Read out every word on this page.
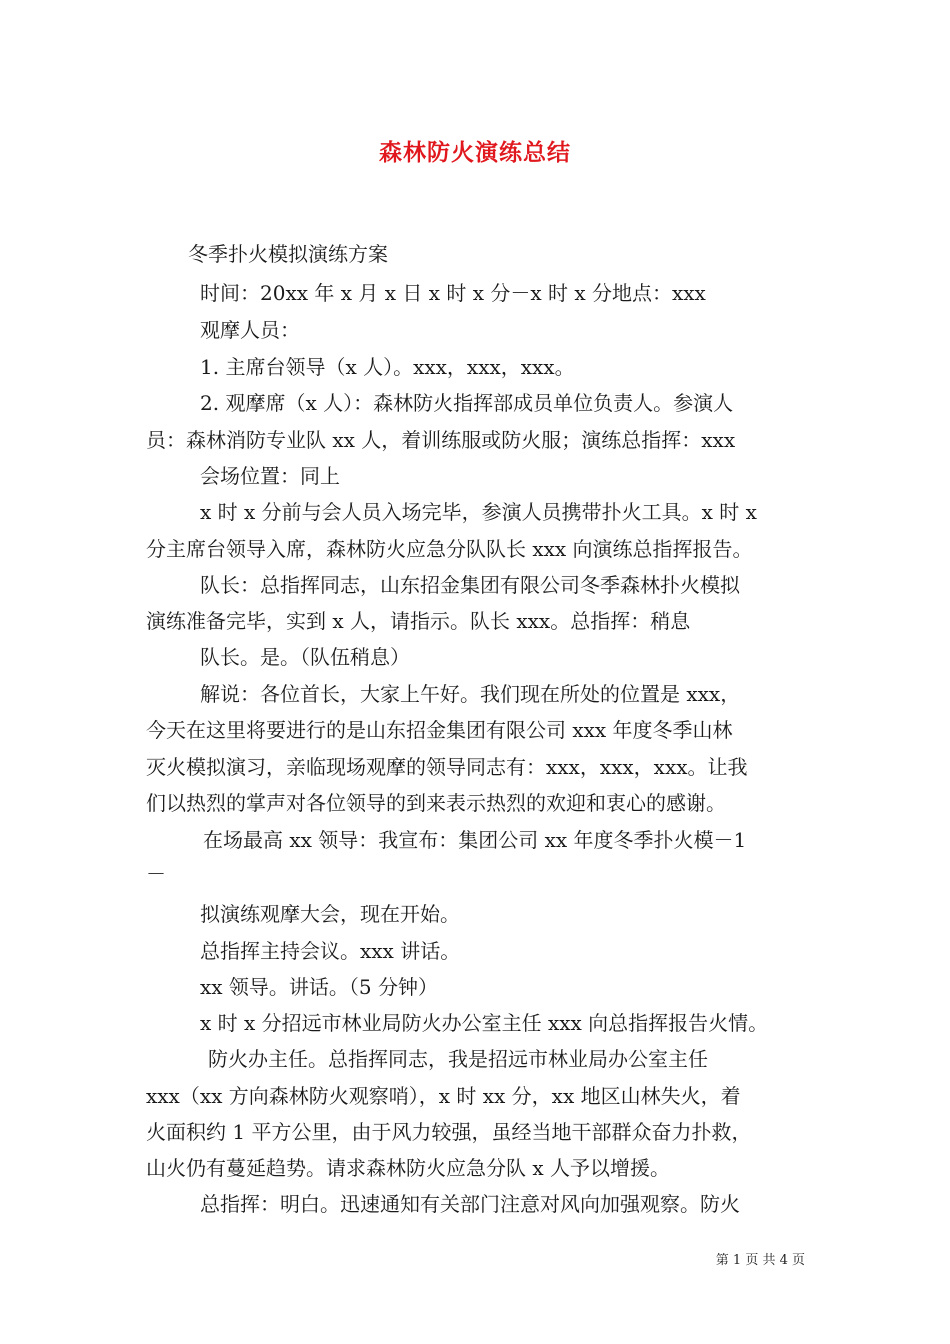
森林防火演练总结
冬季扑火模拟演练方案
时间：20xx 年 x 月 x 日 x 时 x 分－x 时 x 分地点：xxx
观摩人员：
1. 主席台领导（x 人）。xxx，xxx，xxx。
2. 观摩席（x 人）：森林防火指挥部成员单位负责人。参演人
员：森林消防专业队 xx 人，着训练服或防火服；演练总指挥：xxx
会场位置：同上
x 时 x 分前与会人员入场完毕，参演人员携带扑火工具。x 时 x
分主席台领导入席，森林防火应急分队队长 xxx 向演练总指挥报告。
队长：总指挥同志，山东招金集团有限公司冬季森林扑火模拟
演练准备完毕，实到 x 人，请指示。队长 xxx。总指挥：稍息
队长。是。（队伍稍息）
解说：各位首长，大家上午好。我们现在所处的位置是 xxx，
今天在这里将要进行的是山东招金集团有限公司 xxx 年度冬季山林
灭火模拟演习，亲临现场观摩的领导同志有：xxx，xxx，xxx。让我
们以热烈的掌声对各位领导的到来表示热烈的欢迎和衷心的感谢。
在场最高 xx 领导：我宣布：集团公司 xx 年度冬季扑火模－1
－
拟演练观摩大会，现在开始。
总指挥主持会议。xxx 讲话。
xx 领导。讲话。（5 分钟）
x 时 x 分招远市林业局防火办公室主任 xxx 向总指挥报告火情。
防火办主任。总指挥同志，我是招远市林业局办公室主任
xxx（xx 方向森林防火观察哨），x 时 xx 分，xx 地区山林失火，着
火面积约 1 平方公里，由于风力较强，虽经当地干部群众奋力扑救，
山火仍有蔓延趋势。请求森林防火应急分队 x 人予以增援。
总指挥：明白。迅速通知有关部门注意对风向加强观察。防火
第 1 页 共 4 页
